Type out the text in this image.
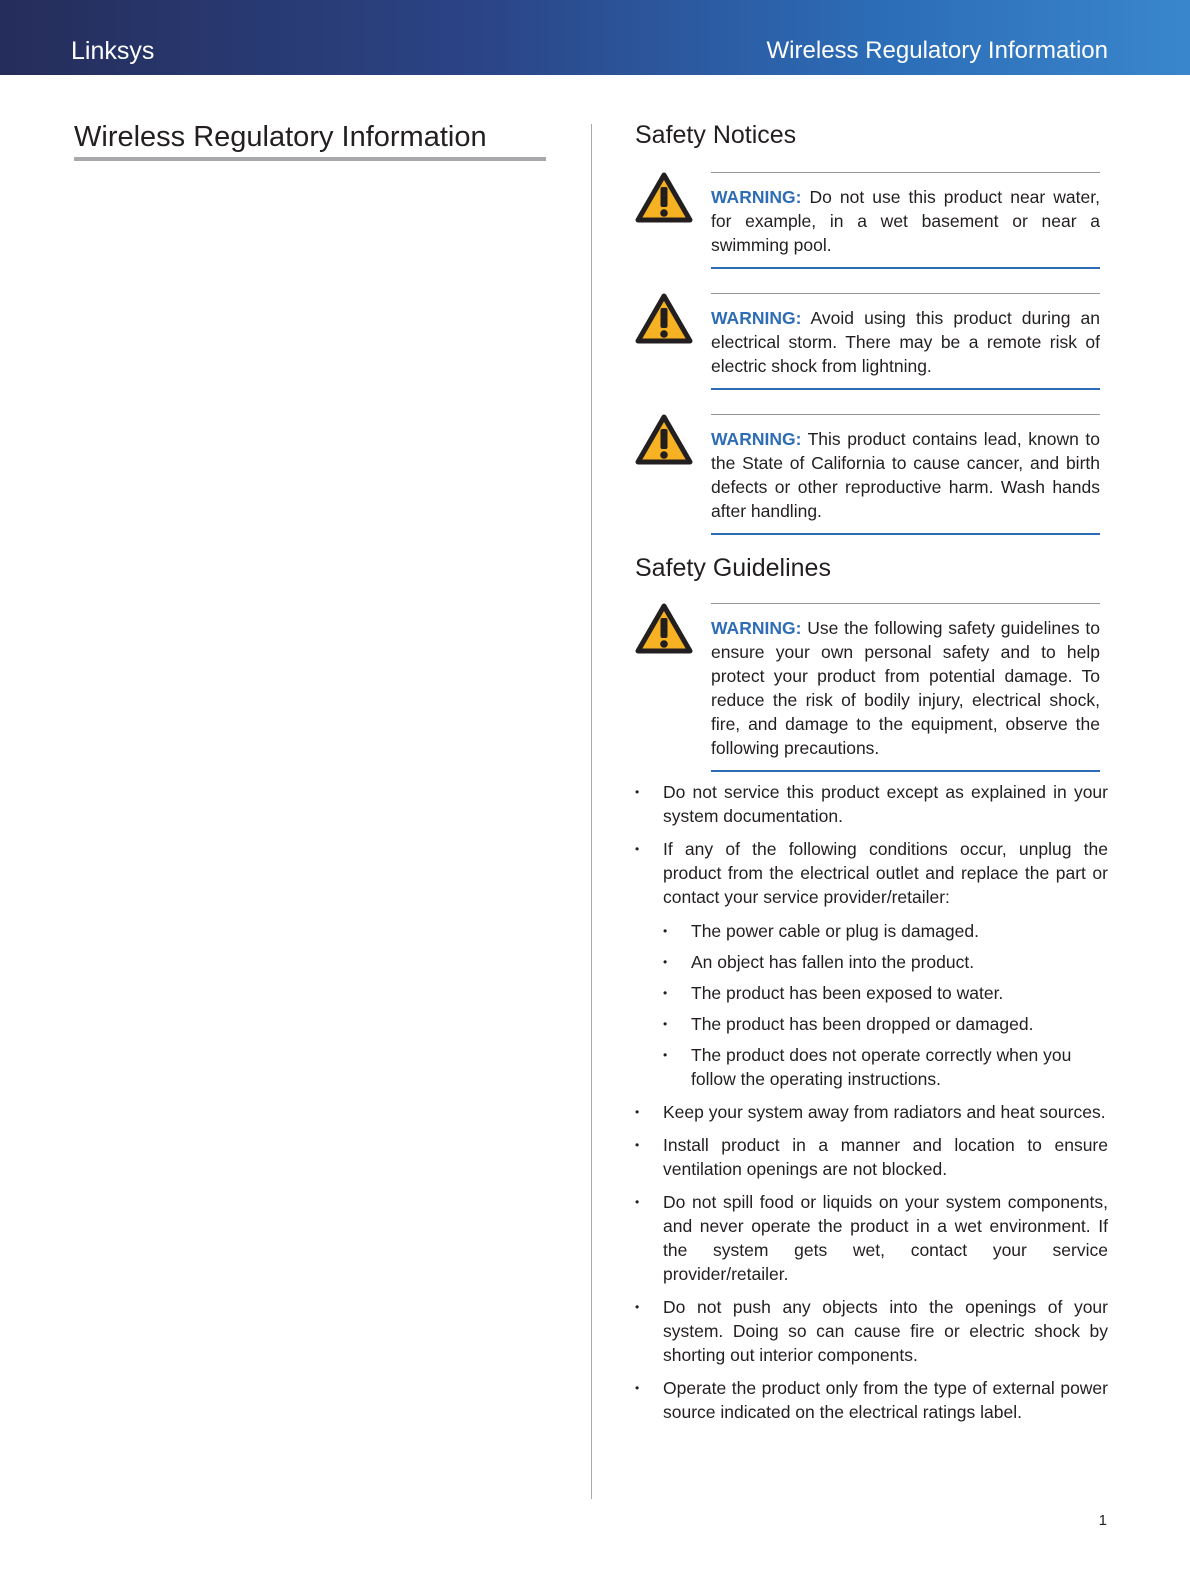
Linksys	Wireless Regulatory Information
Wireless Regulatory Information	Safety Notices

WARNING: Do not use this product near water, for example, in a wet basement or near a swimming pool.

WARNING: Avoid using this product during an electrical storm. There may be a remote risk of electric shock from lightning.

WARNING: This product contains lead, known to the State of California to cause cancer, and birth defects or other reproductive harm. Wash hands after handling.

Safety Guidelines

WARNING: Use the following safety guidelines to ensure your own personal safety and to help protect your product from potential damage. To reduce the risk of bodily injury, electrical shock, fire, and damage to the equipment, observe the following precautions.

• Do not service this product except as explained in your system documentation.
• If any of the following conditions occur, unplug the product from the electrical outlet and replace the part or contact your service provider/retailer:
• The power cable or plug is damaged.
• An object has fallen into the product.
• The product has been exposed to water.
• The product has been dropped or damaged.
• The product does not operate correctly when you follow the operating instructions.
• Keep your system away from radiators and heat sources.
• Install product in a manner and location to ensure ventilation openings are not blocked.
• Do not spill food or liquids on your system components, and never operate the product in a wet environment. If the system gets wet, contact your service provider/retailer.
• Do not push any objects into the openings of your system. Doing so can cause fire or electric shock by shorting out interior components.
• Operate the product only from the type of external power source indicated on the electrical ratings label.
1
